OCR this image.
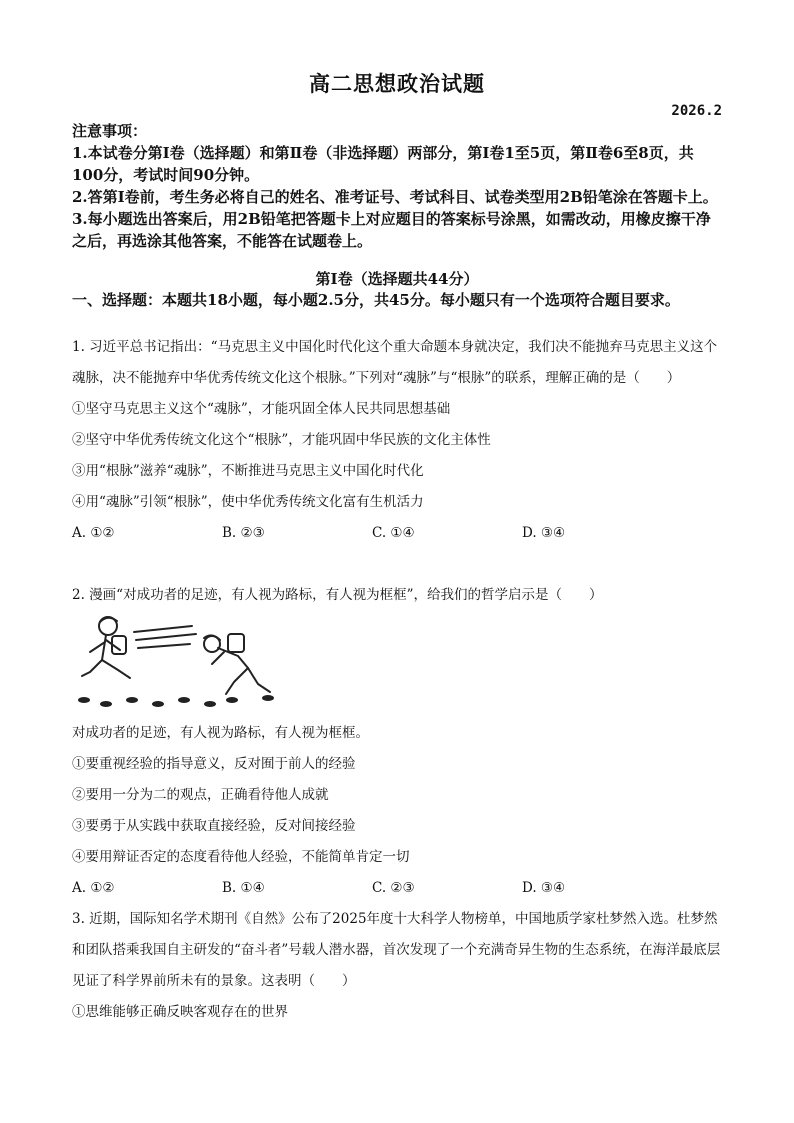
高二思想政治试题
2026.2

注意事项：

1.本试卷分第Ⅰ卷（选择题）和第Ⅱ卷（非选择题）两部分，第Ⅰ卷1至5页，第Ⅱ卷6至8页，共100分，考试时间90分钟。

2.答第Ⅰ卷前，考生务必将自己的姓名、准考证号、考试科目、试卷类型用2B铅笔涂在答题卡上。

3.每小题选出答案后，用2B铅笔把答题卡上对应题目的答案标号涂黑，如需改动，用橡皮擦干净之后，再选涂其他答案，不能答在试题卷上。

第Ⅰ卷（选择题共44分）
一、选择题：本题共18小题，每小题2.5分，共45分。每小题只有一个选项符合题目要求。

1. 习近平总书记指出：“马克思主义中国化时代化这个重大命题本身就决定，我们决不能抛弃马克思主义这个魂脉，决不能抛弃中华优秀传统文化这个根脉。”下列对“魂脉”与“根脉”的联系，理解正确的是（　　）

①坚守马克思主义这个“魂脉”，才能巩固全体人民共同思想基础

②坚守中华优秀传统文化这个“根脉”，才能巩固中华民族的文化主体性

③用“根脉”滋养“魂脉”，不断推进马克思主义中国化时代化

④用“魂脉”引领“根脉”，使中华优秀传统文化富有生机活力

A. ①②	B. ②③	C. ①④	D. ③④

2. 漫画“对成功者的足迹，有人视为路标，有人视为框框”，给我们的哲学启示是（　　）

对成功者的足迹，有人视为路标，有人视为框框。

①要重视经验的指导意义，反对囿于前人的经验

②要用一分为二的观点，正确看待他人成就

③要勇于从实践中获取直接经验，反对间接经验

④要用辩证否定的态度看待他人经验，不能简单肯定一切

A. ①②	B. ①④	C. ②③	D. ③④

3. 近期，国际知名学术期刊《自然》公布了2025年度十大科学人物榜单，中国地质学家杜梦然入选。杜梦然和团队搭乘我国自主研发的“奋斗者”号载人潜水器，首次发现了一个充满奇异生物的生态系统，在海洋最底层见证了科学界前所未有的景象。这表明（　　）

①思维能够正确反映客观存在的世界
